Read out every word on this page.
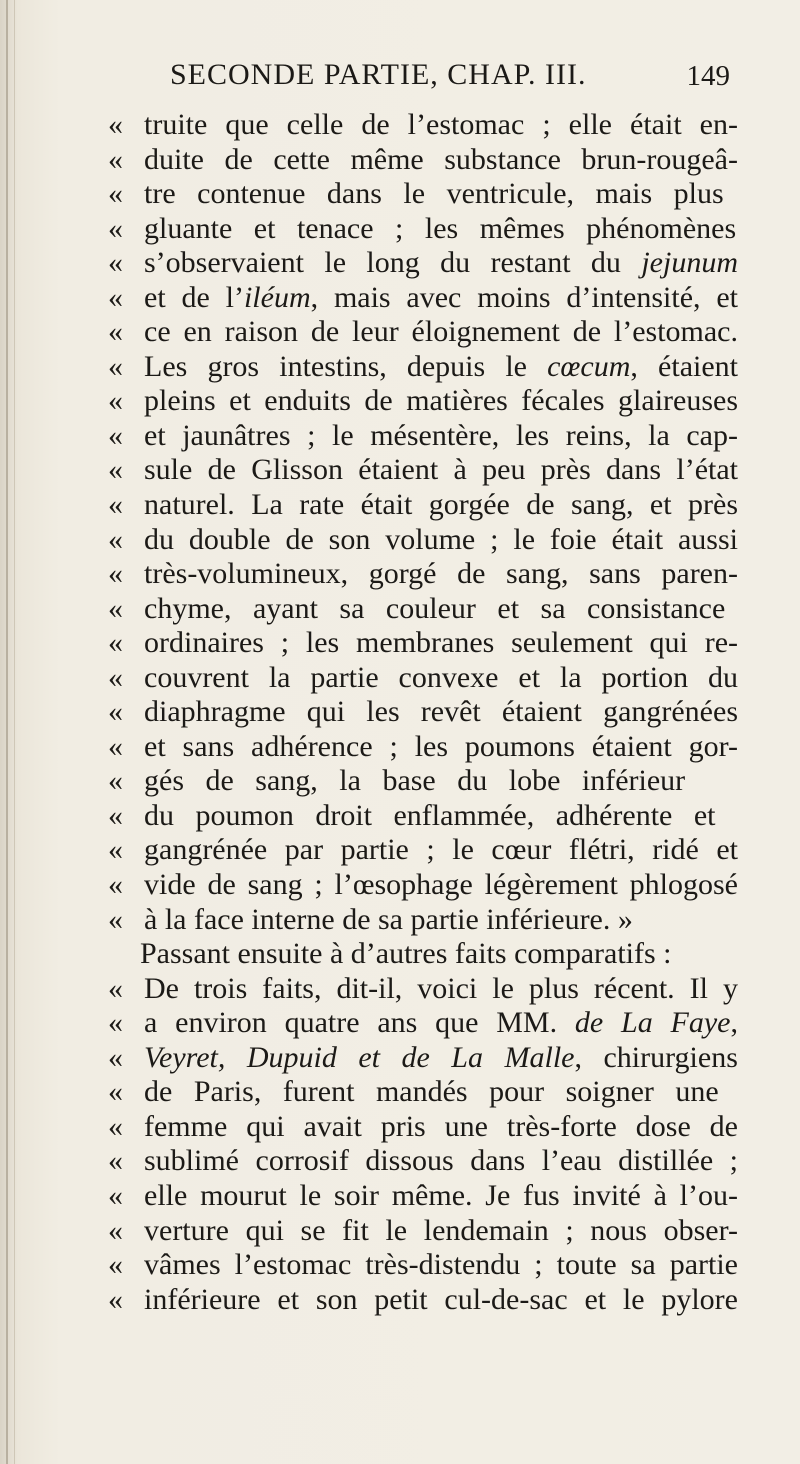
SECONDE PARTIE, CHAP. III.	149
« truite que celle de l’estomac ; elle était en-
« duite de cette même substance brun-rougeâ-
« tre contenue dans le ventricule, mais plus
« gluante et tenace ; les mêmes phénomènes
« s’observaient le long du restant du jejunum
« et de l’ iléum , mais avec moins d’intensité, et
« ce en raison de leur éloignement de l’estomac.
« Les gros intestins, depuis le cœcum , étaient
« pleins et enduits de matières fécales glaireuses
« et jaunâtres ; le mésentère, les reins, la cap-
« sule de Glisson étaient à peu près dans l’état
« naturel. La rate était gorgée de sang, et près
« du double de son volume ; le foie était aussi
« très-volumineux, gorgé de sang, sans paren-
« chyme, ayant sa couleur et sa consistance
« ordinaires ; les membranes seulement qui re-
« couvrent la partie convexe et la portion du
« diaphragme qui les revêt étaient gangrénées
« et sans adhérence ; les poumons étaient gor-
« gés de sang, la base du lobe inférieur
« du poumon droit enflammée, adhérente et
« gangrénée par partie ; le cœur flétri, ridé et
« vide de sang ; l’œsophage légèrement phlogosé
« à la face interne de sa partie inférieure. »
Passant ensuite à d’autres faits comparatifs :
« De trois faits, dit-il, voici le plus récent. Il y
« a environ quatre ans que MM. de La Faye ,
« Veyret, Dupuid et de La Malle , chirurgiens
« de Paris, furent mandés pour soigner une
« femme qui avait pris une très-forte dose de
« sublimé corrosif dissous dans l’eau distillée ;
« elle mourut le soir même. Je fus invité à l’ou-
« verture qui se fit le lendemain ; nous obser-
« vâmes l’estomac très-distendu ; toute sa partie
« inférieure et son petit cul-de-sac et le pylore
